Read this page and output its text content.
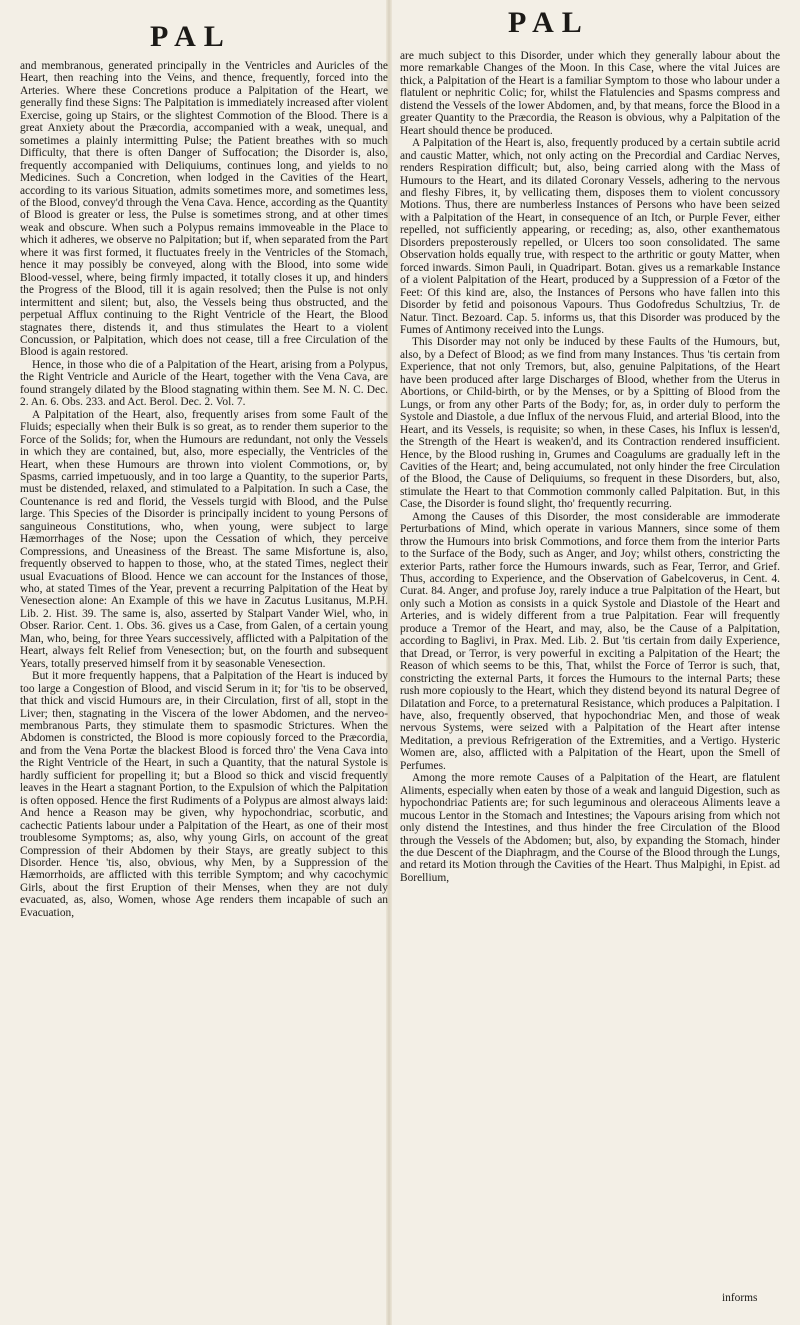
PAL	PAL

and membranous, generated principally in the Ventricles and Auricles of the Heart, then reaching into the Veins, and thence, frequently, forced into the Arteries. Where these Concretions produce a Palpitation of the Heart, we generally find these Signs: The Palpitation is immediately increased after violent Exercise, going up Stairs, or the slightest Commotion of the Blood. There is a great Anxiety about the Præcordia, accompanied with a weak, unequal, and sometimes a plainly intermitting Pulse; the Patient breathes with so much Difficulty, that there is often Danger of Suffocation; the Disorder is, also, frequently accompanied with Deliquiums, continues long, and yields to no Medicines. Such a Concretion, when lodged in the Cavities of the Heart, according to its various Situation, admits sometimes more, and sometimes less, of the Blood, convey'd through the Vena Cava. Hence, according as the Quantity of Blood is greater or less, the Pulse is sometimes strong, and at other times weak and obscure. When such a Polypus remains immoveable in the Place to which it adheres, we observe no Palpitation; but if, when separated from the Part where it was first formed, it fluctuates freely in the Ventricles of the Stomach, hence it may possibly be conveyed, along with the Blood, into some wide Blood-vessel, where, being firmly impacted, it totally closes it up, and hinders the Progress of the Blood, till it is again resolved; then the Pulse is not only intermittent and silent; but, also, the Vessels being thus obstructed, and the perpetual Afflux continuing to the Right Ventricle of the Heart, the Blood stagnates there, distends it, and thus stimulates the Heart to a violent Concussion, or Palpitation, which does not cease, till a free Circulation of the Blood is again restored.

Hence, in those who die of a Palpitation of the Heart, arising from a Polypus, the Right Ventricle and Auricle of the Heart, together with the Vena Cava, are found strangely dilated by the Blood stagnating within them. See M. N. C. Dec. 2. An. 6. Obs. 233. and Act. Berol. Dec. 2. Vol. 7.

A Palpitation of the Heart, also, frequently arises from some Fault of the Fluids; especially when their Bulk is so great, as to render them superior to the Force of the Solids; for, when the Humours are redundant, not only the Vessels in which they are contained, but, also, more especially, the Ventricles of the Heart, when these Humours are thrown into violent Commotions, or, by Spasms, carried impetuously, and in too large a Quantity, to the superior Parts, must be distended, relaxed, and stimulated to a Palpitation. In such a Case, the Countenance is red and florid, the Vessels turgid with Blood, and the Pulse large. This Species of the Disorder is principally incident to young Persons of sanguineous Constitutions, who, when young, were subject to large Hæmorrhages of the Nose; upon the Cessation of which, they perceive Compressions, and Uneasiness of the Breast. The same Misfortune is, also, frequently observed to happen to those, who, at the stated Times, neglect their usual Evacuations of Blood. Hence we can account for the Instances of those, who, at stated Times of the Year, prevent a recurring Palpitation of the Heat by Venesection alone: An Example of this we have in Zacutus Lusitanus, M.P.H. Lib. 2. Hist. 39. The same is, also, asserted by Stalpart Vander Wiel, who, in Obser. Rarior. Cent. 1. Obs. 36. gives us a Case, from Galen, of a certain young Man, who, being, for three Years successively, afflicted with a Palpitation of the Heart, always felt Relief from Venesection; but, on the fourth and subsequent Years, totally preserved himself from it by seasonable Venesection.

But it more frequently happens, that a Palpitation of the Heart is induced by too large a Congestion of Blood, and viscid Serum in it; for 'tis to be observed, that thick and viscid Humours are, in their Circulation, first of all, stopt in the Liver; then, stagnating in the Viscera of the lower Abdomen, and the nerveo-membranous Parts, they stimulate them to spasmodic Strictures. When the Abdomen is constricted, the Blood is more copiously forced to the Præcordia, and from the Vena Portæ the blackest Blood is forced thro' the Vena Cava into the Right Ventricle of the Heart, in such a Quantity, that the natural Systole is hardly sufficient for propelling it; but a Blood so thick and viscid frequently leaves in the Heart a stagnant Portion, to the Expulsion of which the Palpitation is often opposed. Hence the first Rudiments of a Polypus are almost always laid: And hence a Reason may be given, why hypochondriac, scorbutic, and cachectic Patients labour under a Palpitation of the Heart, as one of their most troublesome Symptoms; as, also, why young Girls, on account of the great Compression of their Abdomen by their Stays, are greatly subject to this Disorder. Hence 'tis, also, obvious, why Men, by a Suppression of the Hæmorrhoids, are afflicted with this terrible Symptom; and why cacochymic Girls, about the first Eruption of their Menses, when they are not duly evacuated, as, also, Women, whose Age renders them incapable of such an Evacuation,

are much subject to this Disorder, under which they generally labour about the more remarkable Changes of the Moon. In this Case, where the vital Juices are thick, a Palpitation of the Heart is a familiar Symptom to those who labour under a flatulent or nephritic Colic; for, whilst the Flatulencies and Spasms compress and distend the Vessels of the lower Abdomen, and, by that means, force the Blood in a greater Quantity to the Præcordia, the Reason is obvious, why a Palpitation of the Heart should thence be produced.

A Palpitation of the Heart is, also, frequently produced by a certain subtile acrid and caustic Matter, which, not only acting on the Precordial and Cardiac Nerves, renders Respiration difficult; but, also, being carried along with the Mass of Humours to the Heart, and its dilated Coronary Vessels, adhering to the nervous and fleshy Fibres, it, by vellicating them, disposes them to violent concussory Motions. Thus, there are numberless Instances of Persons who have been seized with a Palpitation of the Heart, in consequence of an Itch, or Purple Fever, either repelled, not sufficiently appearing, or receding; as, also, other exanthematous Disorders preposterously repelled, or Ulcers too soon consolidated. The same Observation holds equally true, with respect to the arthritic or gouty Matter, when forced inwards. Simon Pauli, in Quadripart. Botan. gives us a remarkable Instance of a violent Palpitation of the Heart, produced by a Suppression of a Fœtor of the Feet: Of this kind are, also, the Instances of Persons who have fallen into this Disorder by fetid and poisonous Vapours. Thus Godofredus Schultzius, Tr. de Natur. Tinct. Bezoard. Cap. 5. informs us, that this Disorder was produced by the Fumes of Antimony received into the Lungs.

This Disorder may not only be induced by these Faults of the Humours, but, also, by a Defect of Blood; as we find from many Instances. Thus 'tis certain from Experience, that not only Tremors, but, also, genuine Palpitations, of the Heart have been produced after large Discharges of Blood, whether from the Uterus in Abortions, or Child-birth, or by the Menses, or by a Spitting of Blood from the Lungs, or from any other Parts of the Body; for, as, in order duly to perform the Systole and Diastole, a due Influx of the nervous Fluid, and arterial Blood, into the Heart, and its Vessels, is requisite; so when, in these Cases, his Influx is lessen'd, the Strength of the Heart is weaken'd, and its Contraction rendered insufficient. Hence, by the Blood rushing in, Grumes and Coagulums are gradually left in the Cavities of the Heart; and, being accumulated, not only hinder the free Circulation of the Blood, the Cause of Deliquiums, so frequent in these Disorders, but, also, stimulate the Heart to that Commotion commonly called Palpitation. But, in this Case, the Disorder is found slight, tho' frequently recurring.

Among the Causes of this Disorder, the most considerable are immoderate Perturbations of Mind, which operate in various Manners, since some of them throw the Humours into brisk Commotions, and force them from the interior Parts to the Surface of the Body, such as Anger, and Joy; whilst others, constricting the exterior Parts, rather force the Humours inwards, such as Fear, Terror, and Grief. Thus, according to Experience, and the Observation of Gabelcoverus, in Cent. 4. Curat. 84. Anger, and profuse Joy, rarely induce a true Palpitation of the Heart, but only such a Motion as consists in a quick Systole and Diastole of the Heart and Arteries, and is widely different from a true Palpitation. Fear will frequently produce a Tremor of the Heart, and may, also, be the Cause of a Palpitation, according to Baglivi, in Prax. Med. Lib. 2. But 'tis certain from daily Experience, that Dread, or Terror, is very powerful in exciting a Palpitation of the Heart; the Reason of which seems to be this, That, whilst the Force of Terror is such, that, constricting the external Parts, it forces the Humours to the internal Parts; these rush more copiously to the Heart, which they distend beyond its natural Degree of Dilatation and Force, to a preternatural Resistance, which produces a Palpitation. I have, also, frequently observed, that hypochondriac Men, and those of weak nervous Systems, were seized with a Palpitation of the Heart after intense Meditation, a previous Refrigeration of the Extremities, and a Vertigo. Hysteric Women are, also, afflicted with a Palpitation of the Heart, upon the Smell of Perfumes.

Among the more remote Causes of a Palpitation of the Heart, are flatulent Aliments, especially when eaten by those of a weak and languid Digestion, such as hypochondriac Patients are; for such leguminous and oleraceous Aliments leave a mucous Lentor in the Stomach and Intestines; the Vapours arising from which not only distend the Intestines, and thus hinder the free Circulation of the Blood through the Vessels of the Abdomen; but, also, by expanding the Stomach, hinder the due Descent of the Diaphragm, and the Course of the Blood through the Lungs, and retard its Motion through the Cavities of the Heart. Thus Malpighi, in Epist. ad Borellium,

informs
